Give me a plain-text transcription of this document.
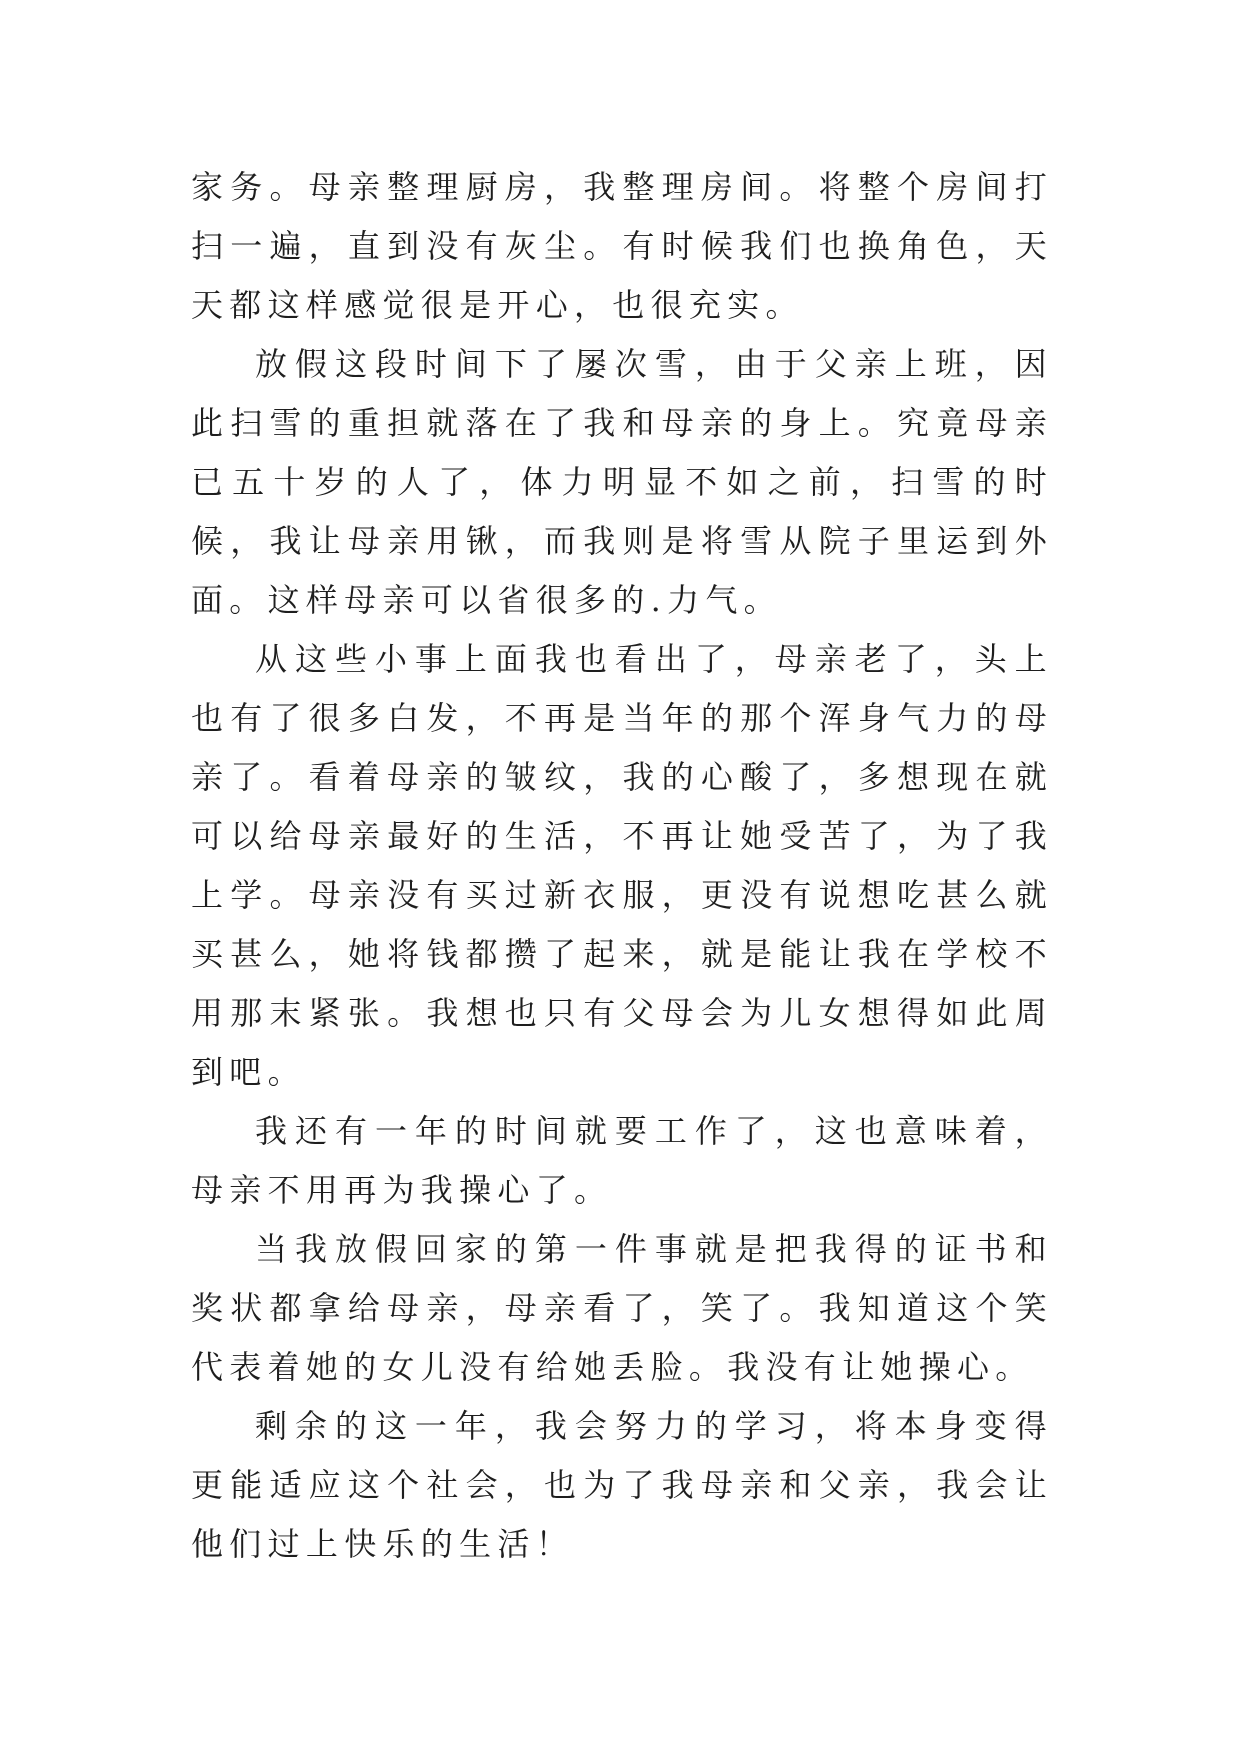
家务。母亲整理厨房，我整理房间。将整个房间打扫一遍，直到没有灰尘。有时候我们也换角色，天天都这样感觉很是开心，也很充实。

放假这段时间下了屡次雪，由于父亲上班，因此扫雪的重担就落在了我和母亲的身上。究竟母亲已五十岁的人了，体力明显不如之前，扫雪的时候，我让母亲用锹，而我则是将雪从院子里运到外面。这样母亲可以省很多的.力气。

从这些小事上面我也看出了，母亲老了，头上也有了很多白发，不再是当年的那个浑身气力的母亲了。看着母亲的皱纹，我的心酸了，多想现在就可以给母亲最好的生活，不再让她受苦了，为了我上学。母亲没有买过新衣服，更没有说想吃甚么就买甚么，她将钱都攒了起来，就是能让我在学校不用那末紧张。我想也只有父母会为儿女想得如此周到吧。

我还有一年的时间就要工作了，这也意味着，母亲不用再为我操心了。

当我放假回家的第一件事就是把我得的证书和奖状都拿给母亲，母亲看了，笑了。我知道这个笑代表着她的女儿没有给她丢脸。我没有让她操心。

剩余的这一年，我会努力的学习，将本身变得更能适应这个社会，也为了我母亲和父亲，我会让他们过上快乐的生活！
